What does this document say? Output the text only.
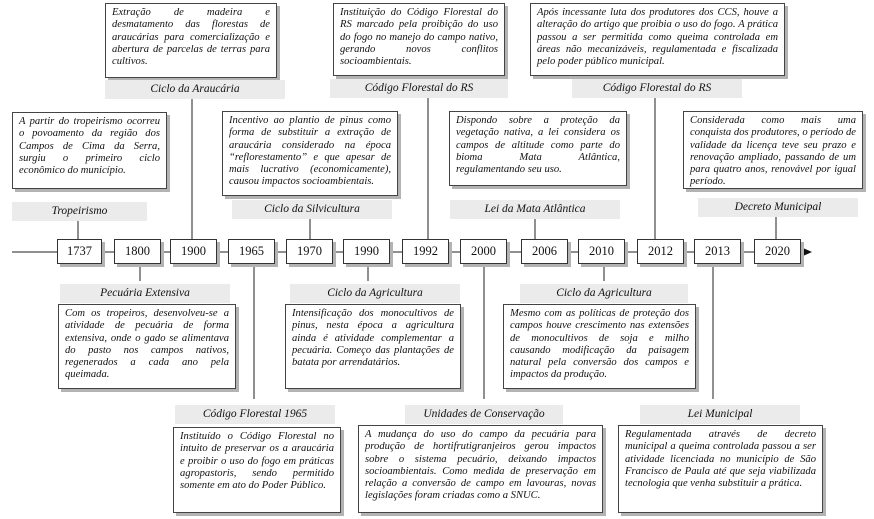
Extração de madeira e desmatamento das florestas de araucárias para comercialização e abertura de parcelas de terras para cultivos.
Ciclo da Araucária
Instituição do Código Florestal do RS marcado pela proibição do uso do fogo no manejo do campo nativo, gerando novos conflitos socioambientais.
Código Florestal do RS
Após incessante luta dos produtores dos CCS, houve a alteração do artigo que proibia o uso do fogo. A prática passou a ser permitida como queima controlada em áreas não mecanizáveis, regulamentada e fiscalizada pelo poder público municipal.
Código Florestal do RS
A partir do tropeirismo ocorreu o povoamento da região dos Campos de Cima da Serra, surgiu o primeiro ciclo econômico do município.
Tropeirismo
Incentivo ao plantio de pinus como forma de substituir a extração de araucária considerado na época “reflorestamento” e que apesar de mais lucrativo (economicamente), causou impactos socioambientais.
Ciclo da Silvicultura
Dispondo sobre a proteção da vegetação nativa, a lei considera os campos de altitude como parte do bioma Mata Atlântica, regulamentando seu uso.
Lei da Mata Atlântica
Considerada como mais uma conquista dos produtores, o período de validade da licença teve seu prazo e renovação ampliado, passando de um para quatro anos, renovável por igual período.
Decreto Municipal
1737	1800	1900	1965	1970	1990	1992	2000	2006	2010	2012	2013	2020
Pecuária Extensiva
Com os tropeiros, desenvolveu-se a atividade de pecuária de forma extensiva, onde o gado se alimentava do pasto nos campos nativos, regenerados a cada ano pela queimada.
Ciclo da Agricultura
Intensificação dos monocultivos de pinus, nesta época a agricultura ainda é atividade complementar a pecuária. Começo das plantações de batata por arrendatários.
Ciclo da Agricultura
Mesmo com as políticas de proteção dos campos houve crescimento nas extensões de monocultivos de soja e milho causando modificação da paisagem natural pela conversão dos campos e impactos da produção.
Código Florestal 1965
Instituído o Código Florestal no intuito de preservar os a araucária e proibir o uso do fogo em práticas agropastoris, sendo permitido somente em ato do Poder Público.
Unidades de Conservação
A mudança do uso do campo da pecuária para produção de hortifrutigranjeiros gerou impactos sobre o sistema pecuário, deixando impactos socioambientais. Como medida de preservação em relação a conversão de campo em lavouras, novas legislações foram criadas como a SNUC.
Lei Municipal
Regulamentada através de decreto municipal a queima controlada passou a ser atividade licenciada no município de São Francisco de Paula até que seja viabilizada tecnologia que venha substituir a prática.
